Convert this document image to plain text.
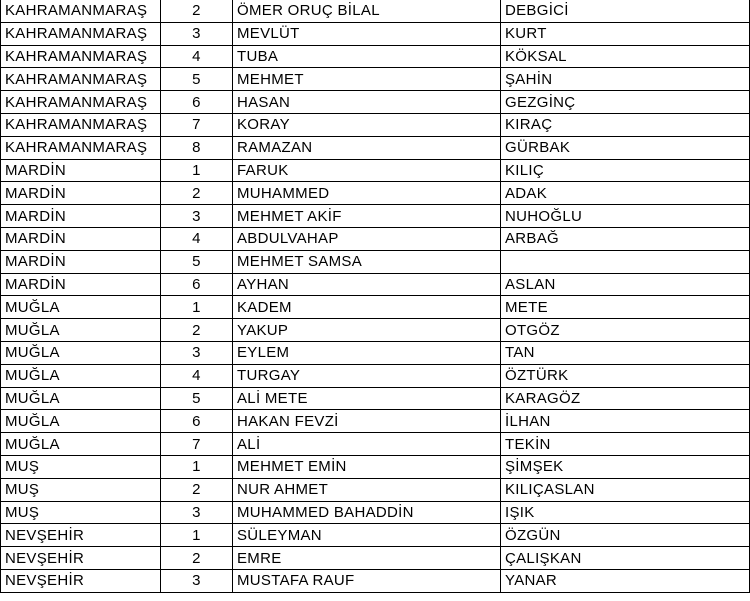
KAHRAMANMARAŞ	2	ÖMER ORUÇ BİLAL	DEBGİCİ
KAHRAMANMARAŞ	3	MEVLÜT	KURT
KAHRAMANMARAŞ	4	TUBA	KÖKSAL
KAHRAMANMARAŞ	5	MEHMET	ŞAHİN
KAHRAMANMARAŞ	6	HASAN	GEZGİNÇ
KAHRAMANMARAŞ	7	KORAY	KIRAÇ
KAHRAMANMARAŞ	8	RAMAZAN	GÜRBAK
MARDİN	1	FARUK	KILIÇ
MARDİN	2	MUHAMMED	ADAK
MARDİN	3	MEHMET AKİF	NUHOĞLU
MARDİN	4	ABDULVAHAP	ARBAĞ
MARDİN	5	MEHMET SAMSA	
MARDİN	6	AYHAN	ASLAN
MUĞLA	1	KADEM	METE
MUĞLA	2	YAKUP	OTGÖZ
MUĞLA	3	EYLEM	TAN
MUĞLA	4	TURGAY	ÖZTÜRK
MUĞLA	5	ALİ METE	KARAGÖZ
MUĞLA	6	HAKAN FEVZİ	İLHAN
MUĞLA	7	ALİ	TEKİN
MUŞ	1	MEHMET EMİN	ŞİMŞEK
MUŞ	2	NUR AHMET	KILIÇASLAN
MUŞ	3	MUHAMMED BAHADDİN	IŞIK
NEVŞEHİR	1	SÜLEYMAN	ÖZGÜN
NEVŞEHİR	2	EMRE	ÇALIŞKAN
NEVŞEHİR	3	MUSTAFA RAUF	YANAR
